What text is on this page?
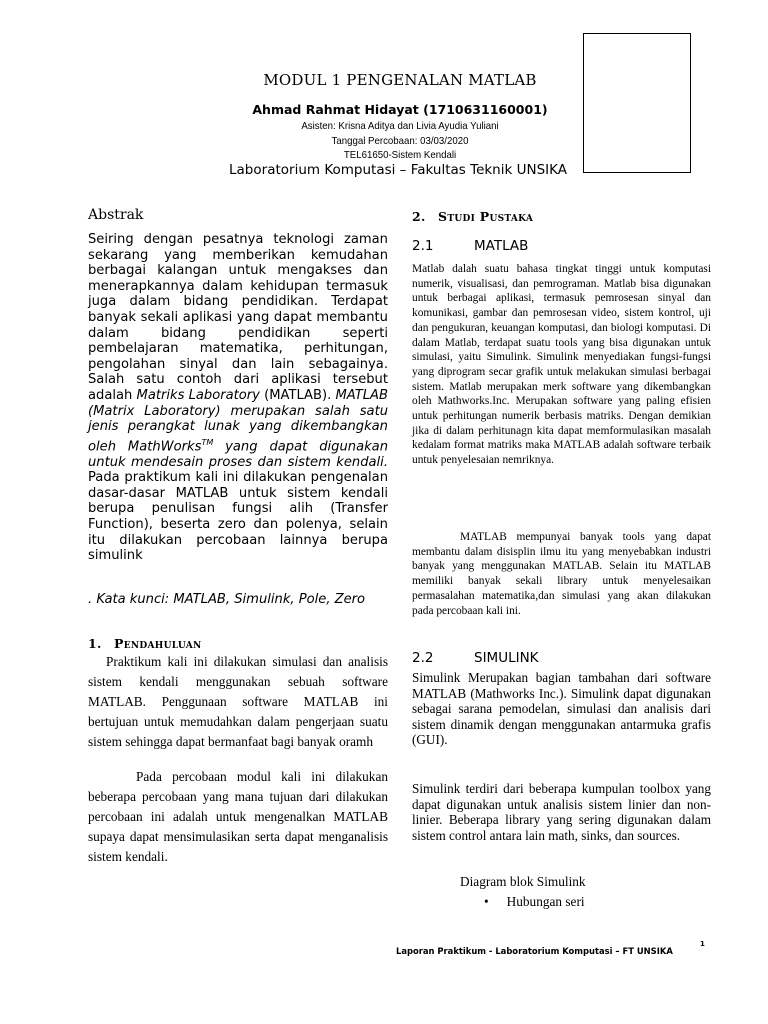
MODUL 1 PENGENALAN MATLAB
Ahmad Rahmat Hidayat (1710631160001)
Asisten: Krisna Aditya dan Livia Ayudia Yuliani
Tanggal Percobaan: 03/03/2020
TEL61650-Sistem Kendali
Laboratorium Komputasi – Fakultas Teknik UNSIKA
Abstrak
Seiring dengan pesatnya teknologi zaman sekarang yang memberikan kemudahan berbagai kalangan untuk mengakses dan menerapkannya dalam kehidupan termasuk juga dalam bidang pendidikan. Terdapat banyak sekali aplikasi yang dapat membantu dalam bidang pendidikan seperti pembelajaran matematika, perhitungan, pengolahan sinyal dan lain sebagainya. Salah satu contoh dari aplikasi tersebut adalah Matriks Laboratory (MATLAB). MATLAB (Matrix Laboratory) merupakan salah satu jenis perangkat lunak yang dikembangkan oleh MathWorks™ yang dapat digunakan untuk mendesain proses dan sistem kendali. Pada praktikum kali ini dilakukan pengenalan dasar-dasar MATLAB untuk sistem kendali berupa penulisan fungsi alih (Transfer Function), beserta zero dan polenya, selain itu dilakukan percobaan lainnya berupa simulink
. Kata kunci: MATLAB, Simulink, Pole, Zero
1. Pendahuluan
Praktikum kali ini dilakukan simulasi dan analisis sistem kendali menggunakan sebuah software MATLAB. Penggunaan software MATLAB ini bertujuan untuk memudahkan dalam pengerjaan suatu sistem sehingga dapat bermanfaat bagi banyak oramh
Pada percobaan modul kali ini dilakukan beberapa percobaan yang mana tujuan dari dilakukan percobaan ini adalah untuk mengenalkan MATLAB supaya dapat mensimulasikan serta dapat menganalisis sistem kendali.
2. Studi Pustaka
2.1	MATLAB
Matlab dalah suatu bahasa tingkat tinggi untuk komputasi numerik, visualisasi, dan pemrograman. Matlab bisa digunakan untuk berbagai aplikasi, termasuk pemrosesan sinyal dan komunikasi, gambar dan pemrosesan video, sistem kontrol, uji dan pengukuran, keuangan komputasi, dan biologi komputasi. Di dalam Matlab, terdapat suatu tools yang bisa digunakan untuk simulasi, yaitu Simulink. Simulink menyediakan fungsi-fungsi yang diprogram secar grafik untuk melakukan simulasi berbagai sistem. Matlab merupakan merk software yang dikembangkan oleh Mathworks.Inc. Merupakan software yang paling efisien untuk perhitungan numerik berbasis matriks. Dengan demikian jika di dalam perhitunagn kita dapat memformulasikan masalah kedalam format matriks maka MATLAB adalah software terbaik untuk penyelesaian nemriknya.
MATLAB mempunyai banyak tools yang dapat membantu dalam disisplin ilmu itu yang menyebabkan industri banyak yang menggunakan MATLAB. Selain itu MATLAB memiliki banyak sekali library untuk menyelesaikan permasalahan matematika,dan simulasi yang akan dilakukan pada percobaan kali ini.
2.2	SIMULINK
Simulink Merupakan bagian tambahan dari software MATLAB (Mathworks Inc.). Simulink dapat digunakan sebagai sarana pemodelan, simulasi dan analisis dari sistem dinamik dengan menggunakan antarmuka grafis (GUI).
Simulink terdiri dari beberapa kumpulan toolbox yang dapat digunakan untuk analisis sistem linier dan non-linier. Beberapa library yang sering digunakan dalam sistem control antara lain math, sinks, dan sources.
Diagram blok Simulink
• Hubungan seri
Laporan Praktikum - Laboratorium Komputasi – FT UNSIKA
1
